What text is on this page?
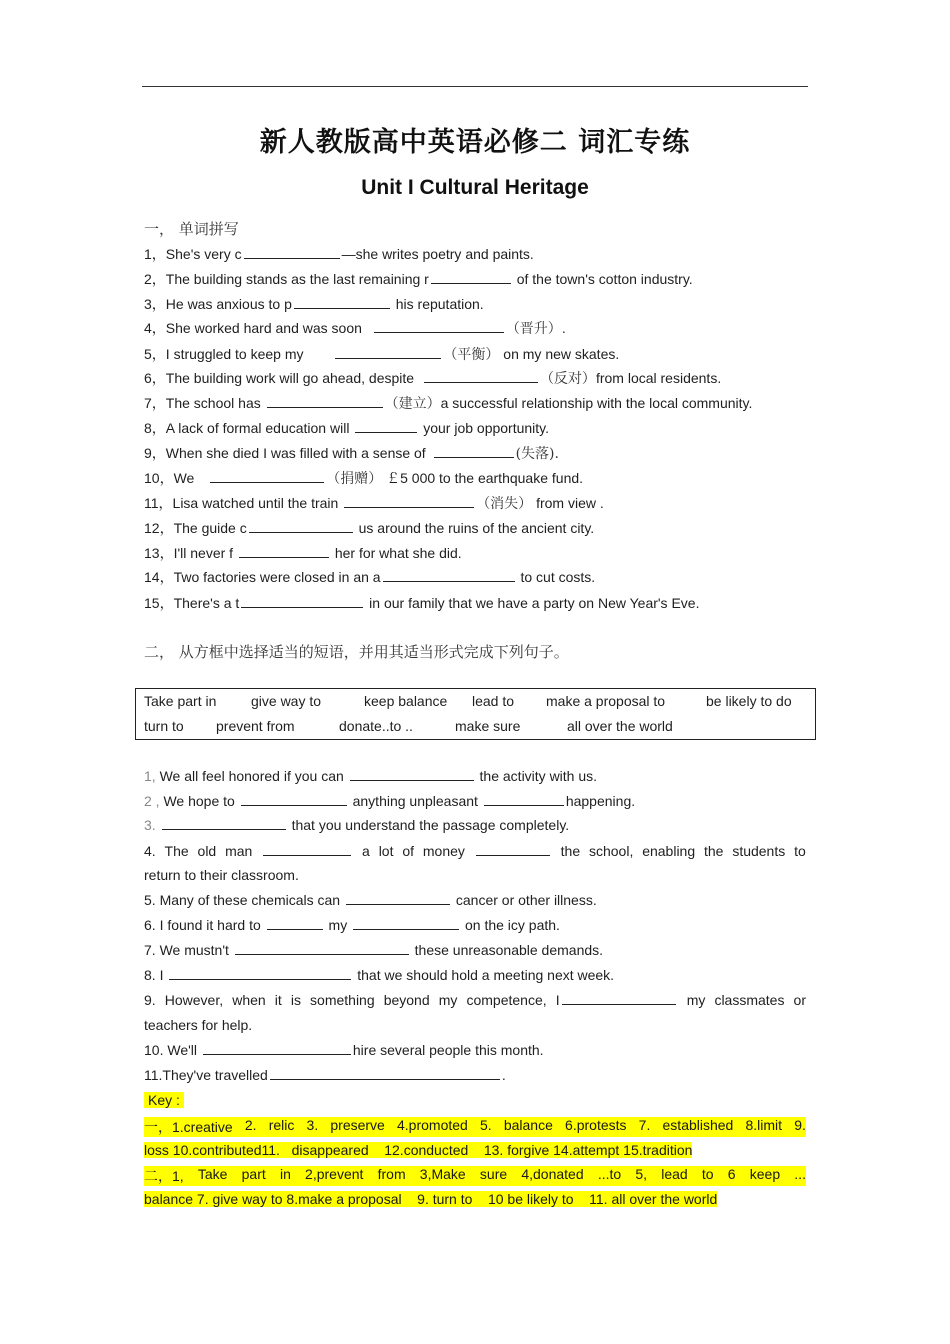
新人教版高中英语必修二 词汇专练
Unit I Cultural Heritage
一， 单词拼写
1，She's very c	—she writes poetry and paints.
2，The building stands as the last remaining r	of the town's cotton industry.
3，He was anxious to p	his reputation.
4，She worked hard and was soon	（晋升）.
5，I struggled to keep my	（平衡） on my new skates.
6，The building work will go ahead, despite	（反对）from local residents.
7，The school has	（建立）a successful relationship with the local community.
8，A lack of formal education will	your job opportunity.
9，When she died I was filled with a sense of	(失落).
10，We	（捐赠） ￡5 000 to the earthquake fund.
11，Lisa watched until the train	（消失） from view .
12，The guide c	us around the ruins of the ancient city.
13，I'll never f	her for what she did.
14，Two factories were closed in an a	to cut costs.
15，There's a t	in our family that we have a party on New Year's Eve.
二， 从方框中选择适当的短语，并用其适当形式完成下列句子。
Take part in give way to	keep balance lead to make a proposal to	be likely to do
turn to prevent from	donate..to ..	make sure	all over the world
1, We all feel honored if you can	the activity with us.
2 , We hope to	anything unpleasant	happening.
3.	that you understand the passage completely.
4. The old man	a lot of money	the school, enabling the students to
return to their classroom.
5. Many of these chemicals can	cancer or other illness.
6. I found it hard to	my	on the icy path.
7. We mustn't	these unreasonable demands.
8. I	that we should hold a meeting next week.
9. However, when it is something beyond my competence, I	my classmates or
teachers for help.
10. We'll	hire several people this month.
11.They've travelled	.
Key :
一，1.creative 2. relic 3. preserve 4.promoted 5. balance 6.protests 7. established 8.limit 9.
loss 10.contributed11.   disappeared    12.conducted    13. forgive 14.attempt 15.tradition
二，1, Take part in 2,prevent from 3,Make sure 4,donated ...to 5, lead to 6 keep ...
balance 7. give way to 8.make a proposal    9. turn to    10 be likely to    11. all over the world
